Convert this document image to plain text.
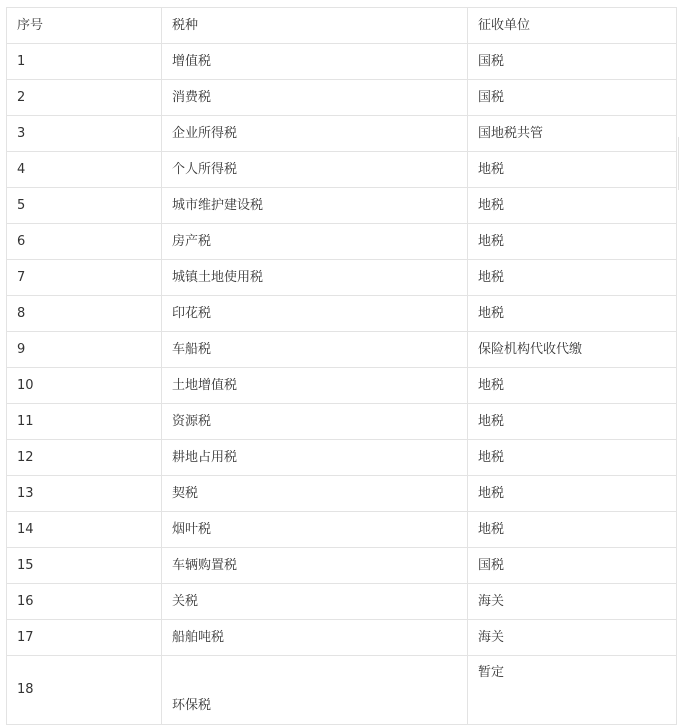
序号	税种	征收单位
1	增值税	国税
2	消费税	国税
3	企业所得税	国地税共管
4	个人所得税	地税
5	城市维护建设税	地税
6	房产税	地税
7	城镇土地使用税	地税
8	印花税	地税
9	车船税	保险机构代收代缴
10	土地增值税	地税
11	资源税	地税
12	耕地占用税	地税
13	契税	地税
14	烟叶税	地税
15	车辆购置税	国税
16	关税	海关
17	船舶吨税	海关
18	环保税	暂定
